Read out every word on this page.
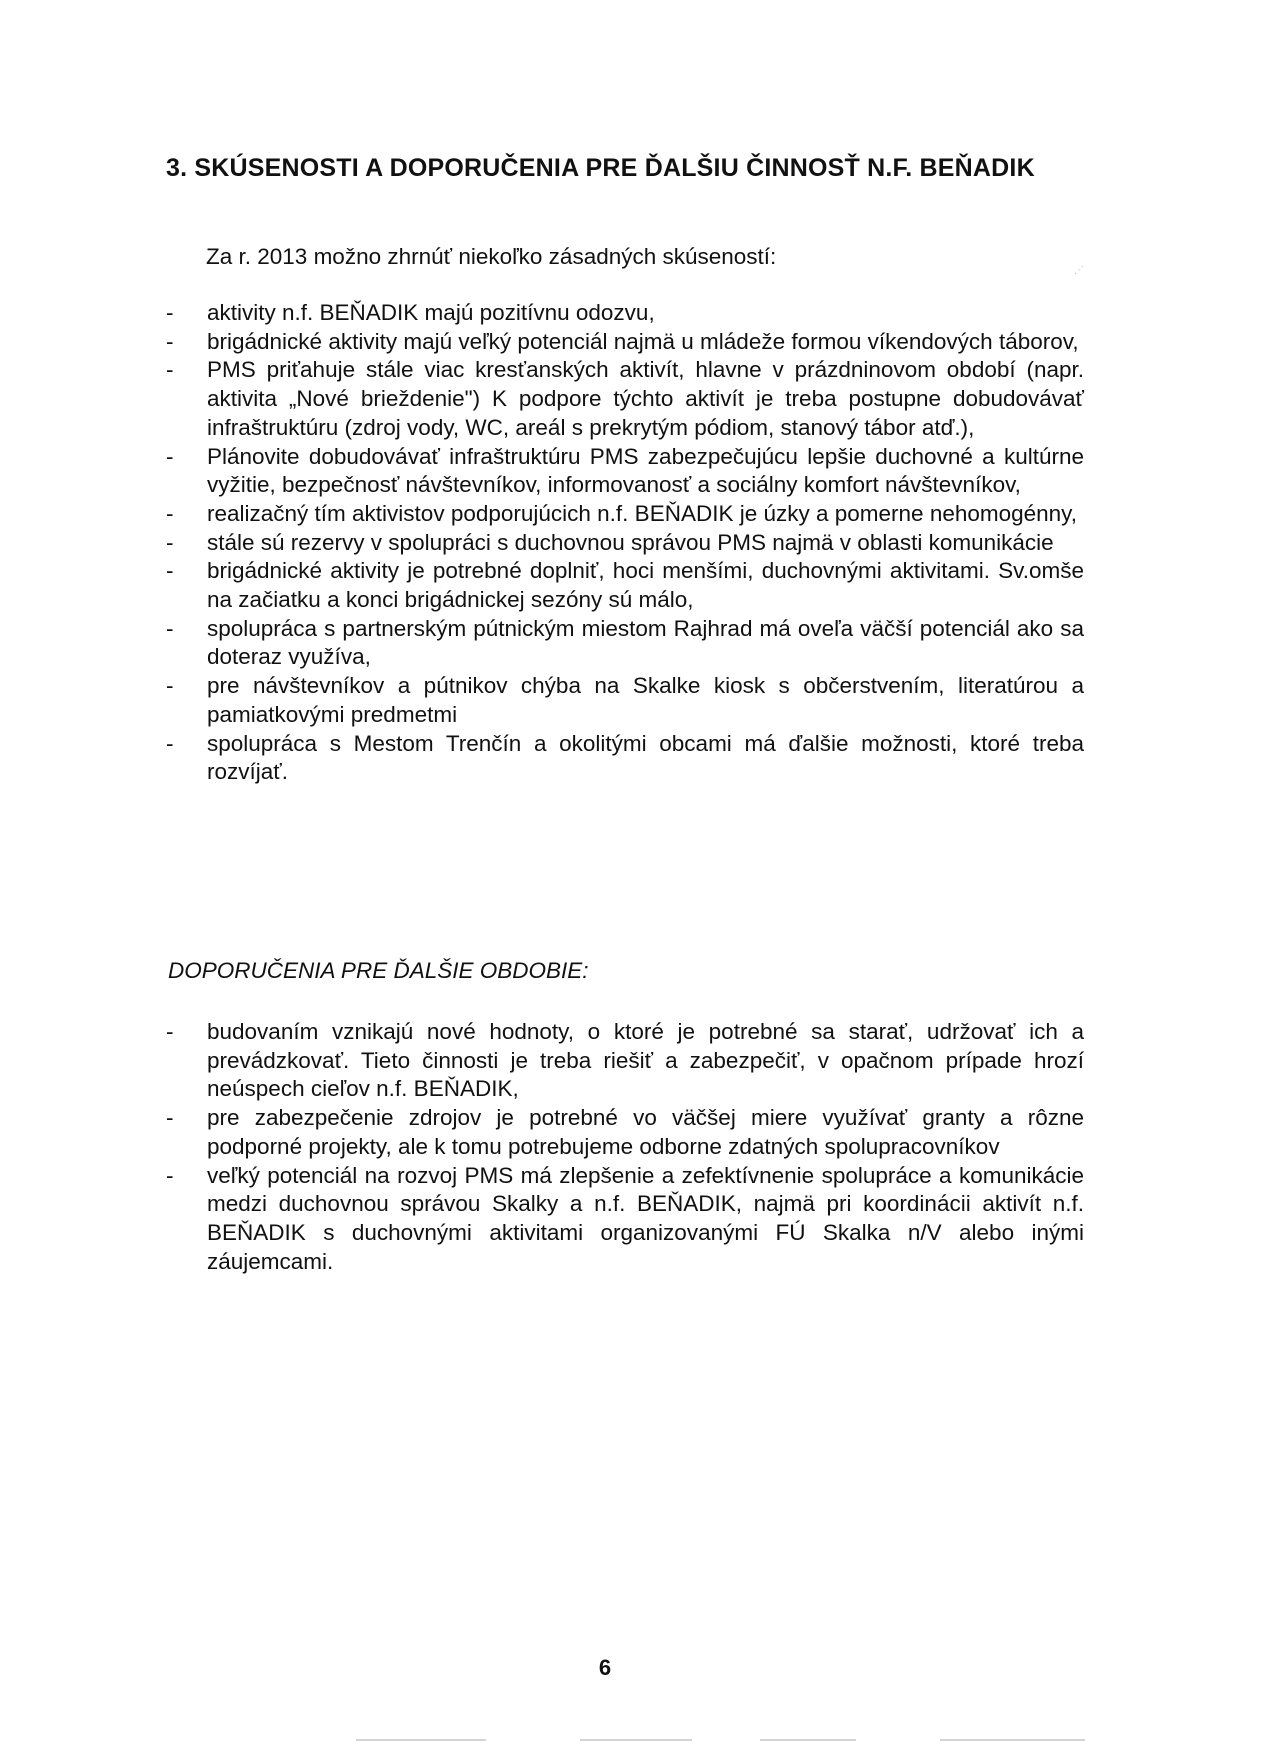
3. SKÚSENOSTI A DOPORUČENIA PRE ĎALŠIU ČINNOSŤ N.F. BEŇADIK

Za r. 2013 možno zhrnúť niekoľko zásadných skúseností:

⋰
- aktivity n.f. BEŇADIK majú pozitívnu odozvu,
- brigádnické aktivity majú veľký potenciál najmä u mládeže formou víkendových táborov,
- PMS priťahuje stále viac kresťanských aktivít, hlavne v prázdninovom období (napr. aktivita „Nové brieždenie") K podpore týchto aktivít je treba postupne dobudovávať infraštruktúru (zdroj vody, WC, areál s prekrytým pódiom, stanový tábor atď.),
- Plánovite dobudovávať infraštruktúru PMS zabezpečujúcu lepšie duchovné a kultúrne vyžitie, bezpečnosť návštevníkov, informovanosť a sociálny komfort návštevníkov,
- realizačný tím aktivistov podporujúcich n.f. BEŇADIK je úzky a pomerne nehomogénny,
- stále sú rezervy v spolupráci s duchovnou správou PMS najmä v oblasti komunikácie
- brigádnické aktivity je potrebné doplniť, hoci menšími, duchovnými aktivitami. Sv.omše na začiatku a konci brigádnickej sezóny sú málo,
- spolupráca s partnerským pútnickým miestom Rajhrad má oveľa väčší potenciál ako sa doteraz využíva,
- pre návštevníkov a pútnikov chýba na Skalke kiosk s občerstvením, literatúrou a pamiatkovými predmetmi
- spolupráca s Mestom Trenčín a okolitými obcami má ďalšie možnosti, ktoré treba rozvíjať.

DOPORUČENIA PRE ĎALŠIE OBDOBIE:

- budovaním vznikajú nové hodnoty, o ktoré je potrebné sa starať, udržovať ich a prevádzkovať. Tieto činnosti je treba riešiť a zabezpečiť, v opačnom prípade hrozí neúspech cieľov n.f. BEŇADIK,
- pre zabezpečenie zdrojov je potrebné vo väčšej miere využívať granty a rôzne podporné projekty, ale k tomu potrebujeme odborne zdatných spolupracovníkov
- veľký potenciál na rozvoj PMS má zlepšenie a zefektívnenie spolupráce a komunikácie medzi duchovnou správou Skalky a n.f. BEŇADIK, najmä pri koordinácii aktivít n.f. BEŇADIK s duchovnými aktivitami organizovanými FÚ Skalka n/V alebo inými záujemcami.
6
